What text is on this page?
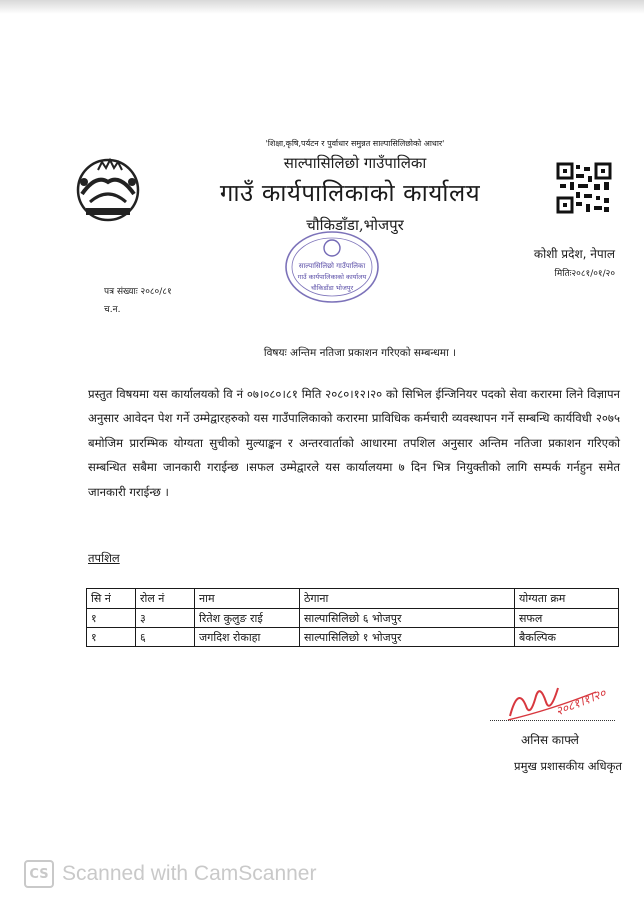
'शिक्षा,कृषि,पर्यटन र पुर्वाधार समुन्नत साल्पासिलिछोको आधार'
साल्पासिलिछो गाउँपालिका
गाउँ कार्यपालिकाको कार्यालय
चौकिडाँडा,भोजपुर
साल्पासिलिछो गाउँपालिका
गाउँ कार्यपालिकाको कार्यालय
चौकिडाँडा भोजपुर
कोशी प्रदेश, नेपाल
मितिः२०८१/०१/२०
पत्र संख्याः २०८०/८१
च.न.
विषयः अन्तिम नतिजा प्रकाशन गरिएको सम्बन्धमा ।
प्रस्तुत विषयमा यस कार्यालयको वि नं ०७।०८०।८१ मिति २०८०।१२।२० को सिभिल ईन्जिनियर पदको सेवा करारमा लिने विज्ञापन अनुसार आवेदन पेश गर्ने उम्मेद्वारहरुको यस गाउँपालिकाको करारमा प्राविधिक कर्मचारी व्यवस्थापन गर्ने सम्बन्धि कार्यविधी २०७५ बमोजिम प्रारम्भिक योग्यता सुचीको मुल्याङ्कन र अन्तरवार्ताको आधारमा तपशिल अनुसार अन्तिम नतिजा प्रकाशन गरिएको सम्बन्धित सबैमा जानकारी गराईन्छ ।सफल उम्मेद्वारले यस कार्यालयमा ७ दिन भित्र नियुक्तीको लागि सम्पर्क गर्नहुन समेत जानकारी गराईन्छ ।
तपशिल
सि नं	रोल नं	नाम	ठेगाना	योग्यता क्रम
१	३	रितेश कुलुङ राई	साल्पासिलिछो ६ भोजपुर	सफल
१	६	जगदिश रोकाहा	साल्पासिलिछो १ भोजपुर	बैकल्पिक
२०८१।१।२०
अनिस काफ्ले
प्रमुख प्रशासकीय अधिकृत
CS Scanned with CamScanner
